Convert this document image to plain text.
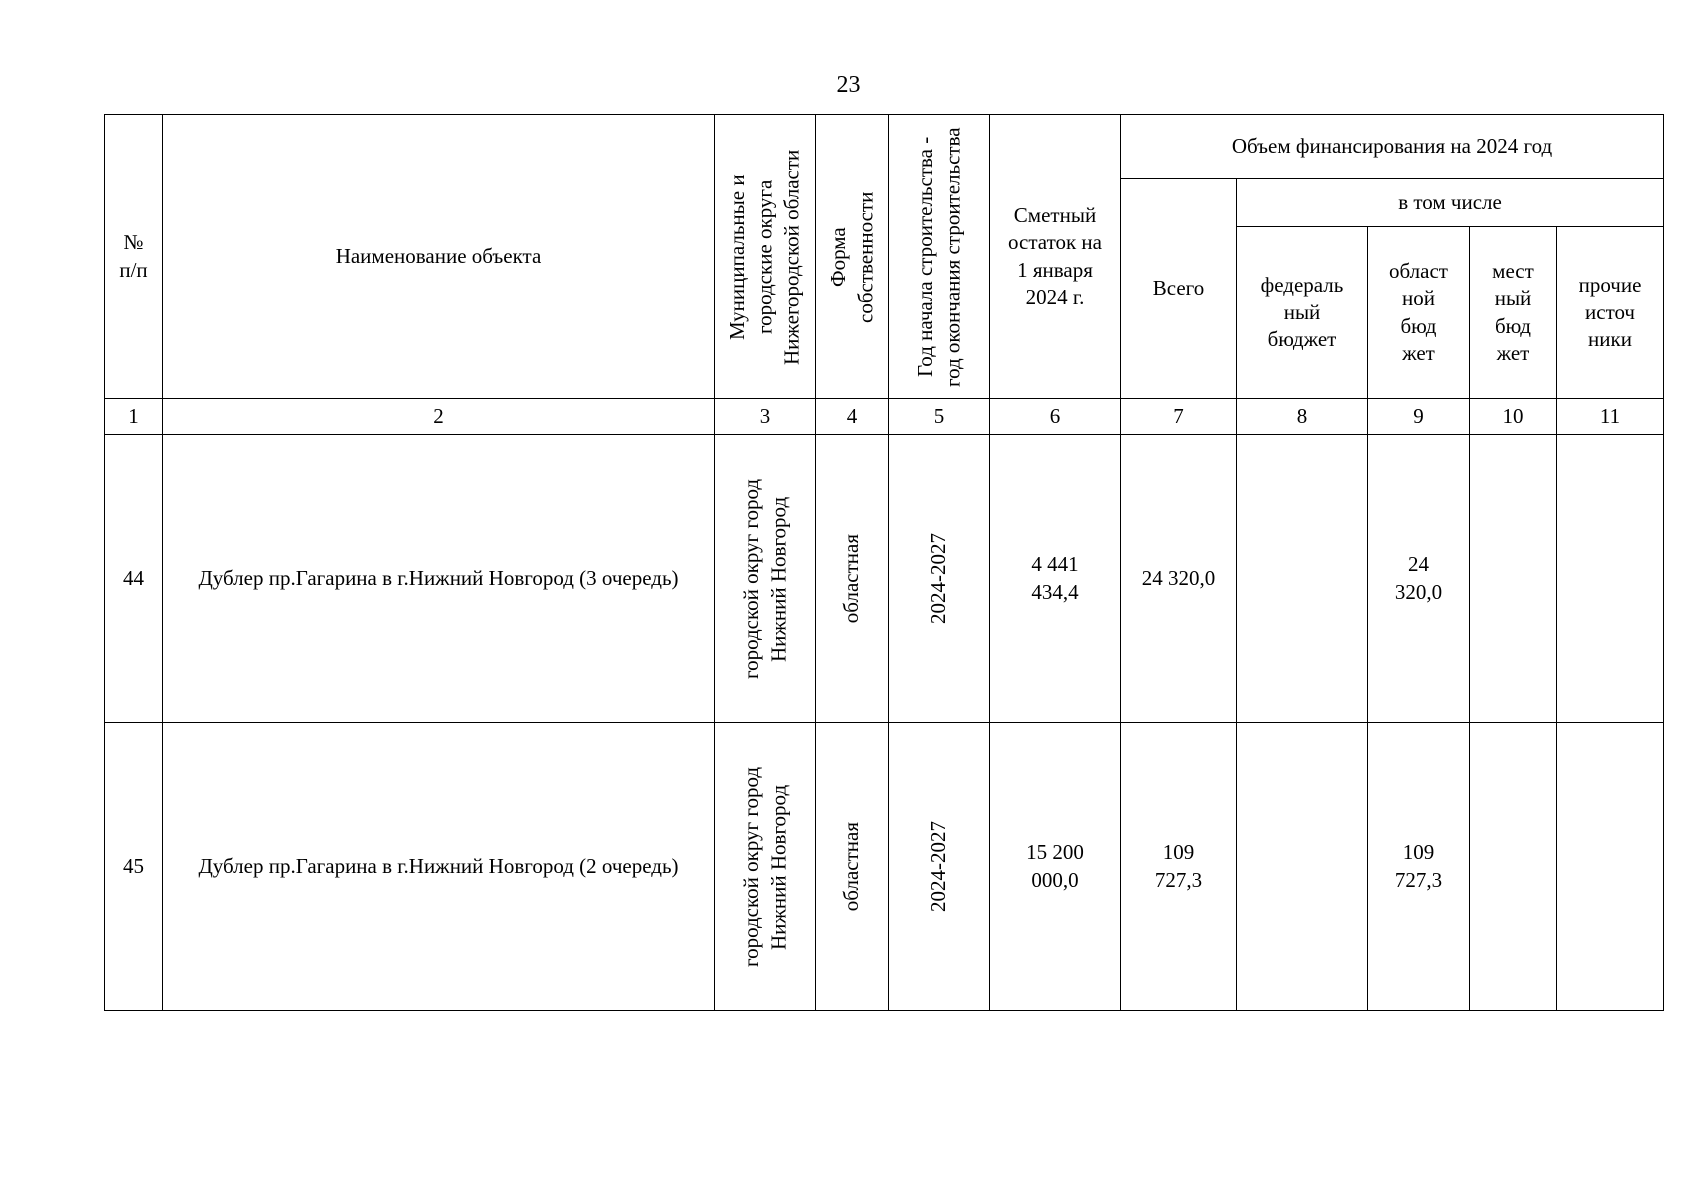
23
№ п/п	Наименование объекта	Муниципальные и городские округа Нижегородской области	Форма собственности	Год начала строительства - год окончания строительства	Сметный остаток на 1 января 2024 г.	Объем финансирования на 2024 год				
						Всего	в том числе			
							федераль ный бюджет	област ной бюд жет	мест ный бюд жет	прочие источ ники
1	2	3	4	5	6	7	8	9	10	11
44	Дублер пр.Гагарина в г.Нижний Новгород (3 очередь)	городской округ город Нижний Новгород	областная	2024-2027	4 441 434,4	24 320,0		24 320,0		
45	Дублер пр.Гагарина в г.Нижний Новгород (2 очередь)	городской округ город Нижний Новгород	областная	2024-2027	15 200 000,0	109 727,3		109 727,3		
